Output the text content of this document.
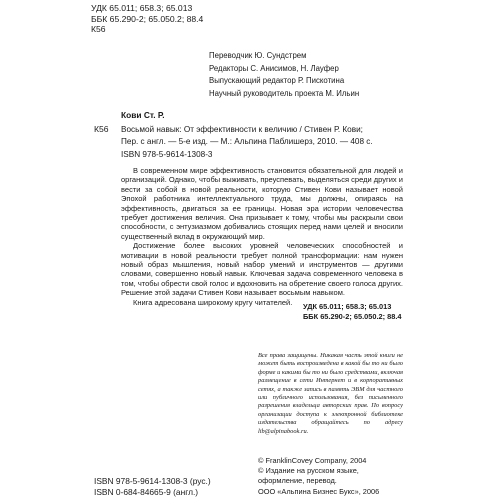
УДК 65.011; 658.3; 65.013
ББК 65.290-2; 65.050.2; 88.4
К56
Переводчик Ю. Сундстрем
Редакторы С. Анисимов, Н. Лауфер
Выпускающий редактор Р. Пискотина
Научный руководитель проекта М. Ильин
Кови Ст. Р.
К56 Восьмой навык: От эффективности к величию / Стивен Р. Кови;
Пер. с англ. — 5-е изд. — М.: Альпина Паблишерз, 2010. — 408 с.
ISBN 978-5-9614-1308-3

В современном мире эффективность становится обязательной для людей и организаций. Однако, чтобы выживать, преуспевать, выделяться среди других и вести за собой в новой реальности, которую Стивен Кови называет новой Эпохой работника интеллектуального труда, мы должны, опираясь на эффективность, двигаться за ее границы. Новая эра истории человечества требует достижения величия. Она призывает к тому, чтобы мы раскрыли свои способности, с энтузиазмом добивались стоящих перед нами целей и вносили существенный вклад в окружающий мир.

Достижение более высоких уровней человеческих способностей и мотивации в новой реальности требует полной трансформации: нам нужен новый образ мышления, новый набор умений и инструментов — другими словами, совершенно новый навык. Ключевая задача современного человека в том, чтобы обрести свой голос и вдохновить на обретение своего голоса других. Решение этой задачи Стивен Кови называет восьмым навыком.

Книга адресована широкому кругу читателей.	УДК 65.011; 658.3; 65.013
ББК 65.290-2; 65.050.2; 88.4

Все права защищены. Никакая часть этой книги не может быть воспроизведена в какой бы то ни было форме и какими бы то ни было средствами, включая размещение в сети Интернет и в корпоративных сетях, а также запись в память ЭВМ для частного или публичного использования, без письменного разрешения владельца авторских прав. По вопросу организации доступа к электронной библиотеке издательства обращайтесь по адресу lib@alpinabook.ru.

© FranklinCovey Company, 2004
© Издание на русском языке,
оформление, перевод.
ООО «Альпина Бизнес Букс», 2006
ISBN 978-5-9614-1308-3 (рус.)
ISBN 0-684-84665-9 (англ.)
